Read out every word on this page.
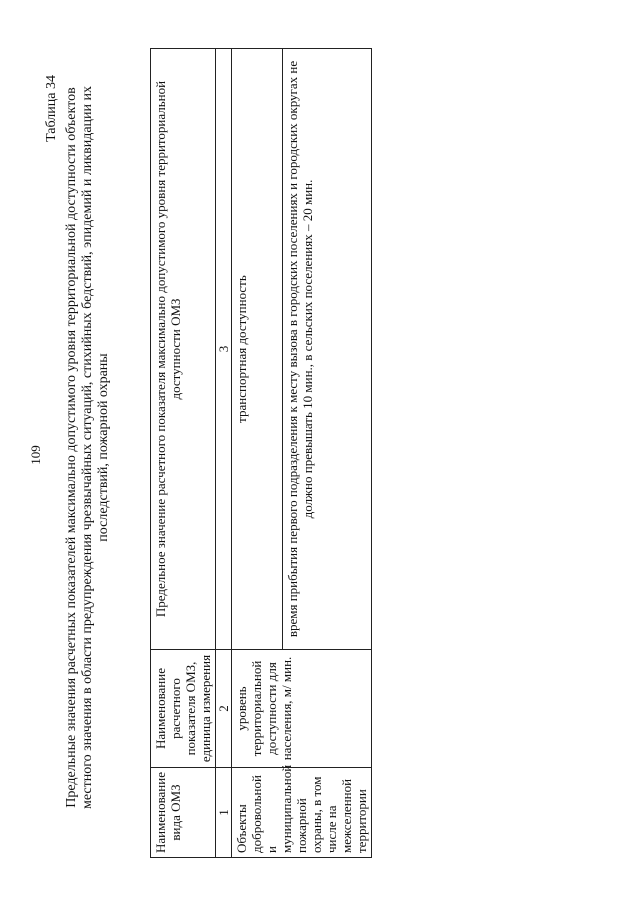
109
Таблица 34 Предельные значения расчетных показателей максимально допустимого уровня территориальной доступности объектов местного значения в области предупреждения чрезвычайных ситуаций, стихийных бедствий, эпидемий и ликвидации их последствий, пожарной охраны
Наименование вида ОМЗ	Наименование расчетного показателя ОМЗ, единица измерения	Предельное значение расчетного показателя максимально допустимого уровня территориальной доступности ОМЗ
1	2	3
Объекты добровольной и муниципальной пожарной охраны, в том числе на межселенной территории	уровень территориальной доступности для населения, м/ мин.	транспортная доступность
		время прибытия первого подразделения к месту вызова в городских поселениях и городских округах не должно превышать 10 мин., в сельских поселениях – 20 мин.
